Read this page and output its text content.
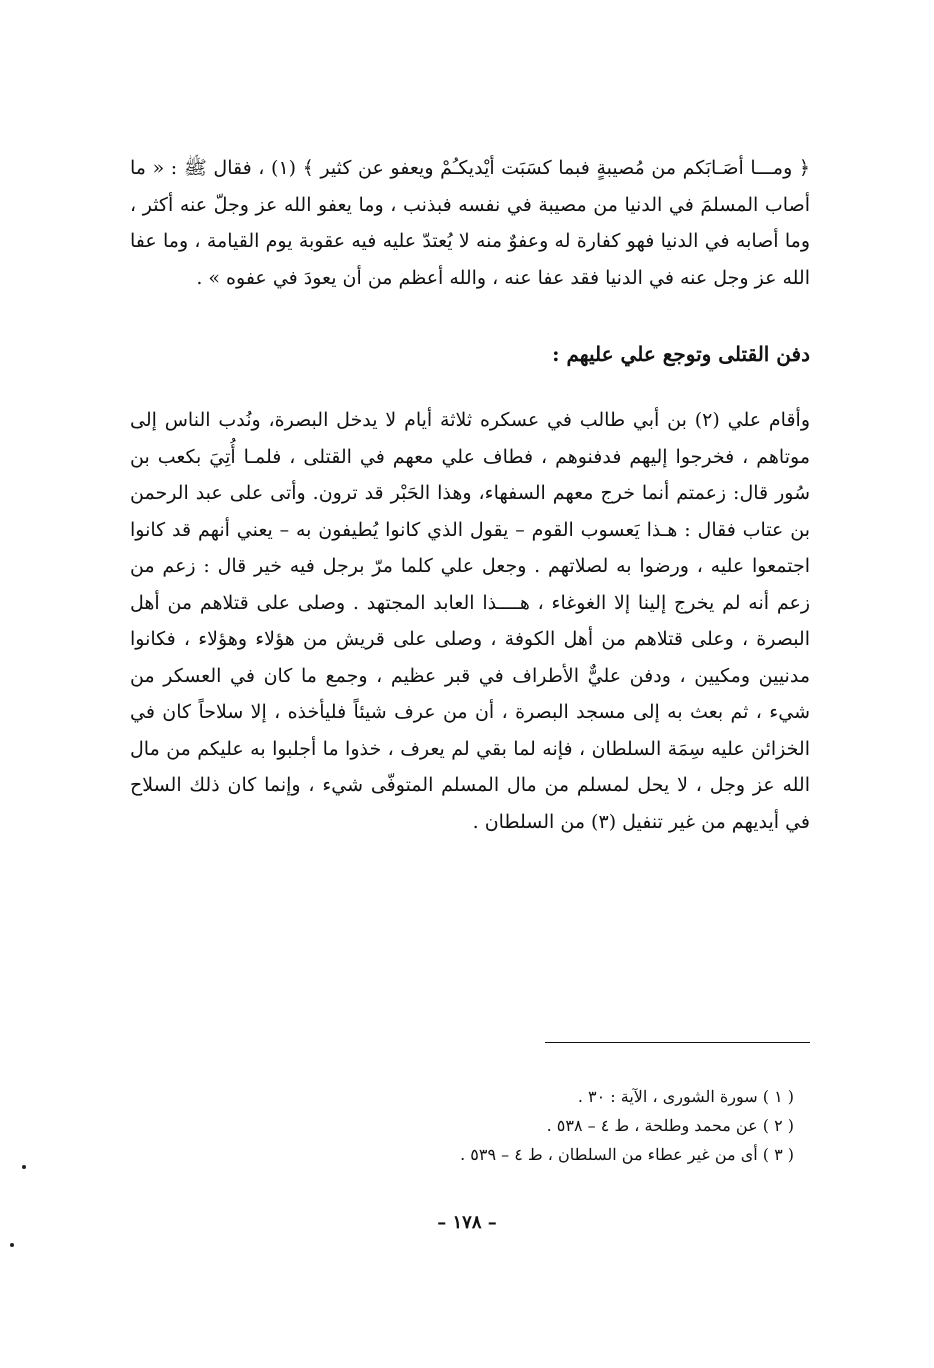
﴿ ومـــا أصَـابَكم من مُصيبةٍ فبما كسَبَت أيْديكـُمْ ويعفو عن كثير ﴾ (١) ، فقال ﷺ : « ما أصاب المسلمَ في الدنيا من مصيبة في نفسه فبذنب ، وما يعفو الله عز وجلّ عنه أكثر ، وما أصابه في الدنيا فهو كفارة له وعفوٌ منه لا يُعتدّ عليه فيه عقوبة يوم القيامة ، وما عفا الله عز وجل عنه في الدنيا فقد عفا عنه ، والله أعظم من أن يعودَ في عفوه » .

دفن القتلى وتوجع علي عليهم :

وأقام علي (٢) بن أبي طالب في عسكره ثلاثة أيام لا يدخل البصرة، ونُدب الناس إلى موتاهم ، فخرجوا إليهم فدفنوهم ، فطاف علي معهم في القتلى ، فلمـا أُتِيَ بكعب بن سُور قال: زعمتم أنما خرج معهم السفهاء، وهذا الحَبْر قد ترون. وأتى على عبد الرحمن بن عتاب فقال : هـذا يَعسوب القوم – يقول الذي كانوا يُطيفون به – يعني أنهم قد كانوا اجتمعوا عليه ، ورضوا به لصلاتهم . وجعل علي كلما مرّ برجل فيه خير قال : زعم من زعم أنه لم يخرج إلينا إلا الغوغاء ، هــــذا العابد المجتهد . وصلى على قتلاهم من أهل البصرة ، وعلى قتلاهم من أهل الكوفة ، وصلى على قريش من هؤلاء وهؤلاء ، فكانوا مدنيين ومكيين ، ودفن عليٌّ الأطراف في قبر عظيم ، وجمع ما كان في العسكر من شيء ، ثم بعث به إلى مسجد البصرة ، أن من عرف شيئاً فليأخذه ، إلا سلاحاً كان في الخزائن عليه سِمَة السلطان ، فإنه لما بقي لم يعرف ، خذوا ما أجلبوا به عليكم من مال الله عز وجل ، لا يحل لمسلم من مال المسلم المتوفّى شيء ، وإنما كان ذلك السلاح في أيديهم من غير تنفيل (٣) من السلطان .

( ١ ) سورة الشورى ، الآية : ٣٠ .

( ٢ ) عن محمد وطلحة ، ط ٤ – ٥٣٨ .

( ٣ ) أى من غير عطاء من السلطان ، ط ٤ – ٥٣٩ .

– ١٧٨ –
